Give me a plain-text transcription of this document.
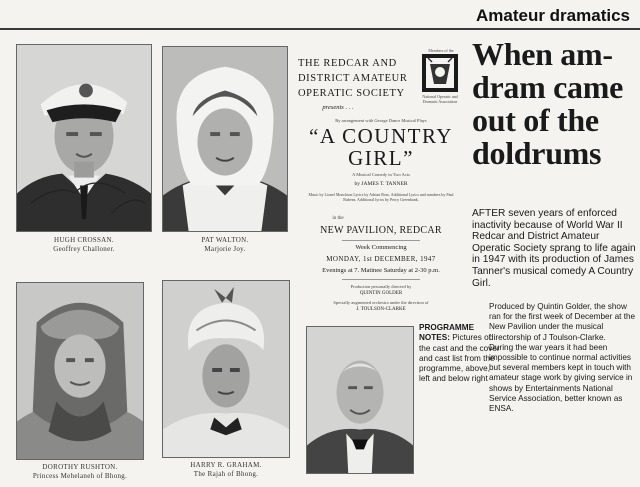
Amateur dramatics
HUGH CROSSAN.
Geoffrey Challoner.
PAT WALTON.
Marjorie Joy.
DOROTHY RUSHTON.
Princess Mehelaneh of Bhong.
HARRY R. GRAHAM.
The Rajah of Bhong.
THE REDCAR AND DISTRICT AMATEUR OPERATIC SOCIETY
Members of the
National Operatic and Dramatic Association
presents . . .
By arrangement with George Dance Musical Plays
“A COUNTRY GIRL”
A Musical Comedy in Two Acts
by JAMES T. TANNER
Music by Lionel Monckton Lyrics by Adrian Ross. Additional Lyrics and numbers by Paul Rubens. Additional lyrics by Percy Greenbank.
in the
NEW PAVILION, REDCAR
Week Commencing
MONDAY, 1st DECEMBER, 1947
Evenings at 7. Matinee Saturday at 2-30 p.m.
Production personally directed by
QUINTIN GOLDER
Specially augmented orchestra under the direction of
J. TOULSON-CLARKE
PROGRAMME NOTES: Pictures of the cast and the cover and cast list from the programme, above, left and below right
When am-dram came out of the doldrums
AFTER seven years of enforced inactivity because of World War II Redcar and District Amateur Operatic Society sprang to life again in 1947 with its production of James Tanner's musical comedy A Country Girl.

Produced by Quintin Golder, the show ran for the first week of December at the New Pavilion under the musical directorship of J Toulson-Clarke.

During the war years it had been impossible to continue normal activities but several members kept in touch with amateur stage work by giving service in shows by Entertainments National Service Association, better known as ENSA.
